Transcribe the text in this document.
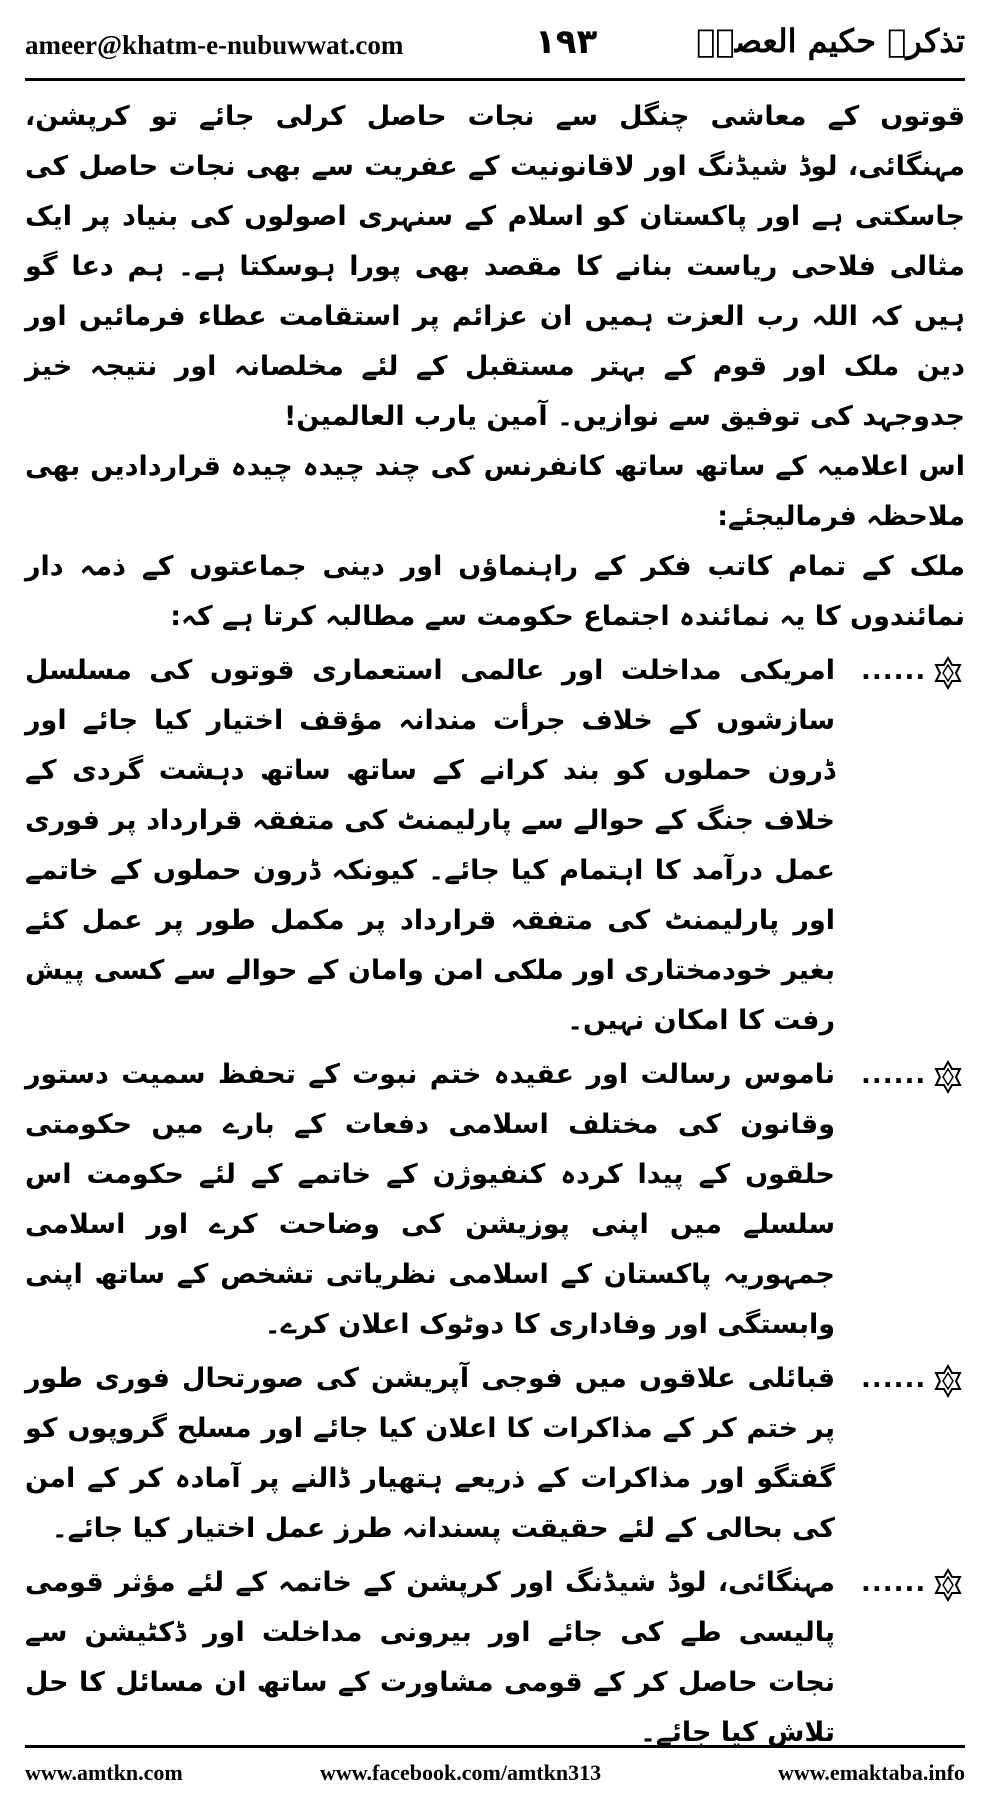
ameer@khatm-e-nubuwwat.com	۱۹۳	تذکرہ حکیم العصرؒ

قوتوں کے معاشی چنگل سے نجات حاصل کرلی جائے تو کرپشن، مہنگائی، لوڈ شیڈنگ اور لاقانونیت کے عفریت سے بھی نجات حاصل کی جاسکتی ہے اور پاکستان کو اسلام کے سنہری اصولوں کی بنیاد پر ایک مثالی فلاحی ریاست بنانے کا مقصد بھی پورا ہوسکتا ہے۔ ہم دعا گو ہیں کہ اللہ رب العزت ہمیں ان عزائم پر استقامت عطاء فرمائیں اور دین ملک اور قوم کے بہتر مستقبل کے لئے مخلصانہ اور نتیجہ خیز جدوجہد کی توفیق سے نوازیں۔ آمین یارب العالمین!

اس اعلامیہ کے ساتھ ساتھ کانفرنس کی چند چیدہ چیدہ قراردادیں بھی ملاحظہ فرمالیجئے:

ملک کے تمام کاتب فکر کے راہنماؤں اور دینی جماعتوں کے ذمہ دار نمائندوں کا یہ نمائندہ اجتماع حکومت سے مطالبہ کرتا ہے کہ:

......
امریکی مداخلت اور عالمی استعماری قوتوں کی مسلسل سازشوں کے خلاف جرأت مندانہ مؤقف اختیار کیا جائے اور ڈرون حملوں کو بند کرانے کے ساتھ ساتھ دہشت گردی کے خلاف جنگ کے حوالے سے پارلیمنٹ کی متفقہ قرارداد پر فوری عمل درآمد کا اہتمام کیا جائے۔ کیونکہ ڈرون حملوں کے خاتمے اور پارلیمنٹ کی متفقہ قرارداد پر مکمل طور پر عمل کئے بغیر خودمختاری اور ملکی امن وامان کے حوالے سے کسی پیش رفت کا امکان نہیں۔
......
ناموس رسالت اور عقیدہ ختم نبوت کے تحفظ سمیت دستور وقانون کی مختلف اسلامی دفعات کے بارے میں حکومتی حلقوں کے پیدا کردہ کنفیوژن کے خاتمے کے لئے حکومت اس سلسلے میں اپنی پوزیشن کی وضاحت کرے اور اسلامی جمہوریہ پاکستان کے اسلامی نظریاتی تشخص کے ساتھ اپنی وابستگی اور وفاداری کا دوٹوک اعلان کرے۔
......
قبائلی علاقوں میں فوجی آپریشن کی صورتحال فوری طور پر ختم کر کے مذاکرات کا اعلان کیا جائے اور مسلح گروپوں کو گفتگو اور مذاکرات کے ذریعے ہتھیار ڈالنے پر آمادہ کر کے امن کی بحالی کے لئے حقیقت پسندانہ طرز عمل اختیار کیا جائے۔
......
مہنگائی، لوڈ شیڈنگ اور کرپشن کے خاتمہ کے لئے مؤثر قومی پالیسی طے کی جائے اور بیرونی مداخلت اور ڈکٹیشن سے نجات حاصل کر کے قومی مشاورت کے ساتھ ان مسائل کا حل تلاش کیا جائے۔
www.amtkn.com	www.facebook.com/amtkn313	www.emaktaba.info
